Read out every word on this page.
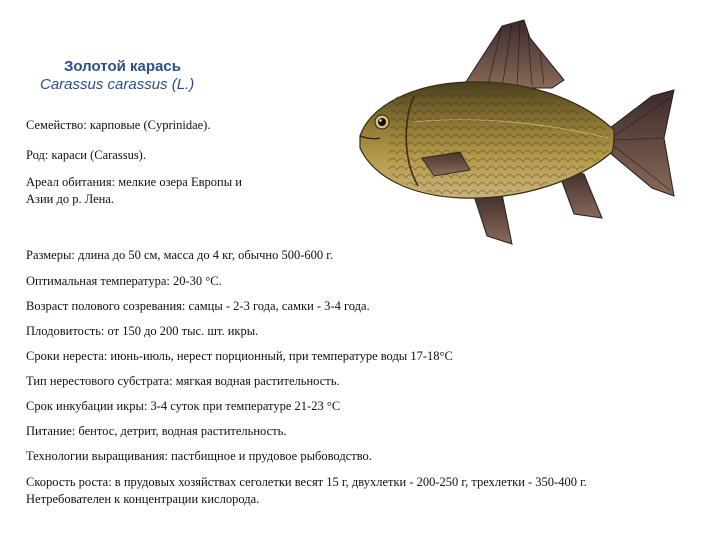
Золотой карась
Carassus carassus (L.)
Семейство: карповые (Cyprinidae).
Род: караси (Carassus).
Ареал обитания: мелкие озера Европы и
Азии до р. Лена.
Размеры: длина до 50 см, масса до 4 кг, обычно 500-600 г.
Оптимальная температура: 20-30 °С.
Возраст полового созревания: самцы - 2-3 года, самки - 3-4 года.
Плодовитость: от 150 до 200 тыс. шт. икры.
Сроки нереста: июнь-июль, нерест порционный, при температуре воды 17-18°С
Тип нерестового субстрата: мягкая водная растительность.
Срок инкубации икры: 3-4 суток при температуре 21-23 °С
Питание: бентос, детрит, водная растительность.
Технологии выращивания: пастбищное и прудовое рыбоводство.
Скорость роста: в прудовых хозяйствах сеголетки весят 15 г, двухлетки - 200-250 г, трехлетки - 350-400 г.
Нетребователен к концентрации кислорода.
